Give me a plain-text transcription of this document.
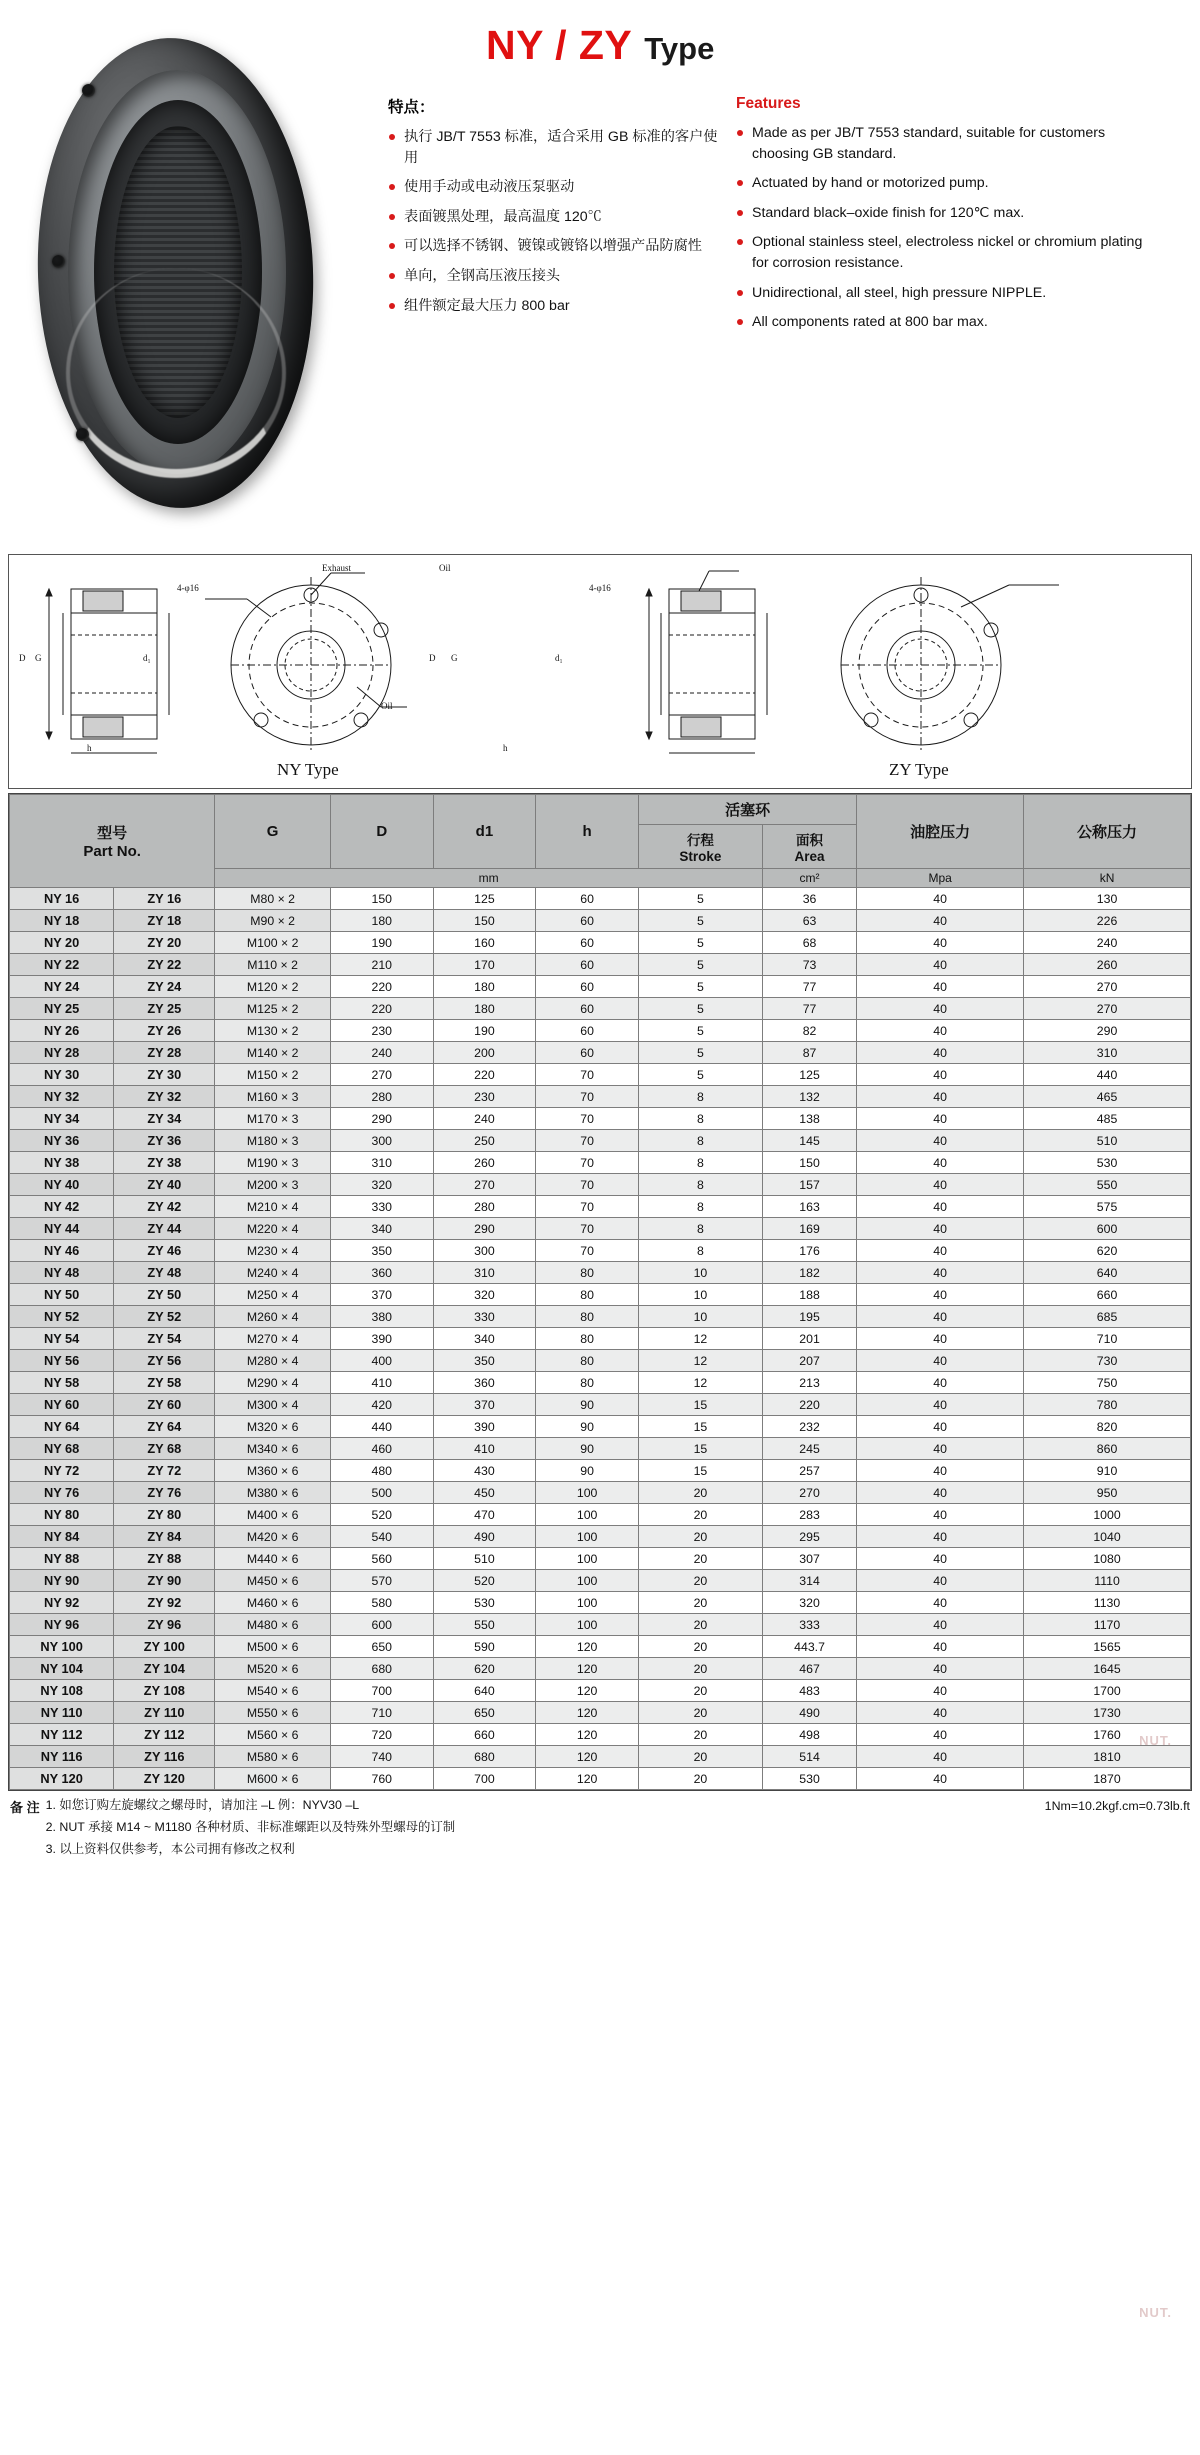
NY / ZY Type
特点：
执行 JB/T 7553 标准，适合采用 GB 标准的客户使用
使用手动或电动液压泵驱动
表面镀黑处理，最高温度 120℃
可以选择不锈钢、镀镍或镀铬以增强产品防腐性
单向，全钢高压液压接头
组件额定最大压力 800 bar
Features
Made as per JB/T 7553 standard, suitable for customers choosing GB standard.
Actuated by hand or motorized pump.
Standard black–oxide finish for 120℃ max.
Optional stainless steel, electroless nickel or chromium plating for corrosion resistance.
Unidirectional, all steel, high pressure NIPPLE.
All components rated at 800 bar max.
Exhaust
Oil
Oil
4-φ16	4-φ16
D G	d₁
h
D G	d₁
h
NY Type	ZY Type
型号
Part No.		G	D	d1	h	活塞环		油腔压力	公称压力

行程
Stroke

面积
Area

		mm					cm²	Mpa	kN
NY 16	ZY 16	M80 × 2	150	125	60	5	36	40	130
NY 18	ZY 18	M90 × 2	180	150	60	5	63	40	226
NY 20	ZY 20	M100 × 2	190	160	60	5	68	40	240
NY 22	ZY 22	M110 × 2	210	170	60	5	73	40	260
NY 24	ZY 24	M120 × 2	220	180	60	5	77	40	270
NY 25	ZY 25	M125 × 2	220	180	60	5	77	40	270
NY 26	ZY 26	M130 × 2	230	190	60	5	82	40	290
NY 28	ZY 28	M140 × 2	240	200	60	5	87	40	310
NY 30	ZY 30	M150 × 2	270	220	70	5	125	40	440
NY 32	ZY 32	M160 × 3	280	230	70	8	132	40	465
NY 34	ZY 34	M170 × 3	290	240	70	8	138	40	485
NY 36	ZY 36	M180 × 3	300	250	70	8	145	40	510
NY 38	ZY 38	M190 × 3	310	260	70	8	150	40	530
NY 40	ZY 40	M200 × 3	320	270	70	8	157	40	550
NY 42	ZY 42	M210 × 4	330	280	70	8	163	40	575
NY 44	ZY 44	M220 × 4	340	290	70	8	169	40	600
NY 46	ZY 46	M230 × 4	350	300	70	8	176	40	620
NY 48	ZY 48	M240 × 4	360	310	80	10	182	40	640
NY 50	ZY 50	M250 × 4	370	320	80	10	188	40	660
NY 52	ZY 52	M260 × 4	380	330	80	10	195	40	685
NY 54	ZY 54	M270 × 4	390	340	80	12	201	40	710
NY 56	ZY 56	M280 × 4	400	350	80	12	207	40	730
NY 58	ZY 58	M290 × 4	410	360	80	12	213	40	750
NY 60	ZY 60	M300 × 4	420	370	90	15	220	40	780
NY 64	ZY 64	M320 × 6	440	390	90	15	232	40	820
NY 68	ZY 68	M340 × 6	460	410	90	15	245	40	860
NY 72	ZY 72	M360 × 6	480	430	90	15	257	40	910
NY 76	ZY 76	M380 × 6	500	450	100	20	270	40	950
NY 80	ZY 80	M400 × 6	520	470	100	20	283	40	1000
NY 84	ZY 84	M420 × 6	540	490	100	20	295	40	1040
NY 88	ZY 88	M440 × 6	560	510	100	20	307	40	1080
NY 90	ZY 90	M450 × 6	570	520	100	20	314	40	1110
NY 92	ZY 92	M460 × 6	580	530	100	20	320	40	1130
NY 96	ZY 96	M480 × 6	600	550	100	20	333	40	1170
NY 100	ZY 100	M500 × 6	650	590	120	20	443.7	40	1565
NY 104	ZY 104	M520 × 6	680	620	120	20	467	40	1645
NY 108	ZY 108	M540 × 6	700	640	120	20	483	40	1700
NY 110	ZY 110	M550 × 6	710	650	120	20	490	40	1730
NY 112	ZY 112	M560 × 6	720	660	120	20	498	40	1760
NY 116	ZY 116	M580 × 6	740	680	120	20	514	40	1810
NY 120	ZY 120	M600 × 6	760	700	120	20	530	40	1870
备 注 1. 如您订购左旋螺纹之螺母时，请加注 –L 例：NYV30 –L
2. NUT 承接 M14 ~ M1180 各种材质、非标准螺距以及特殊外型螺母的订制
3. 以上资料仅供参考，本公司拥有修改之权利
1Nm=10.2kgf.cm=0.73lb.ft
NUT.
NUT.
